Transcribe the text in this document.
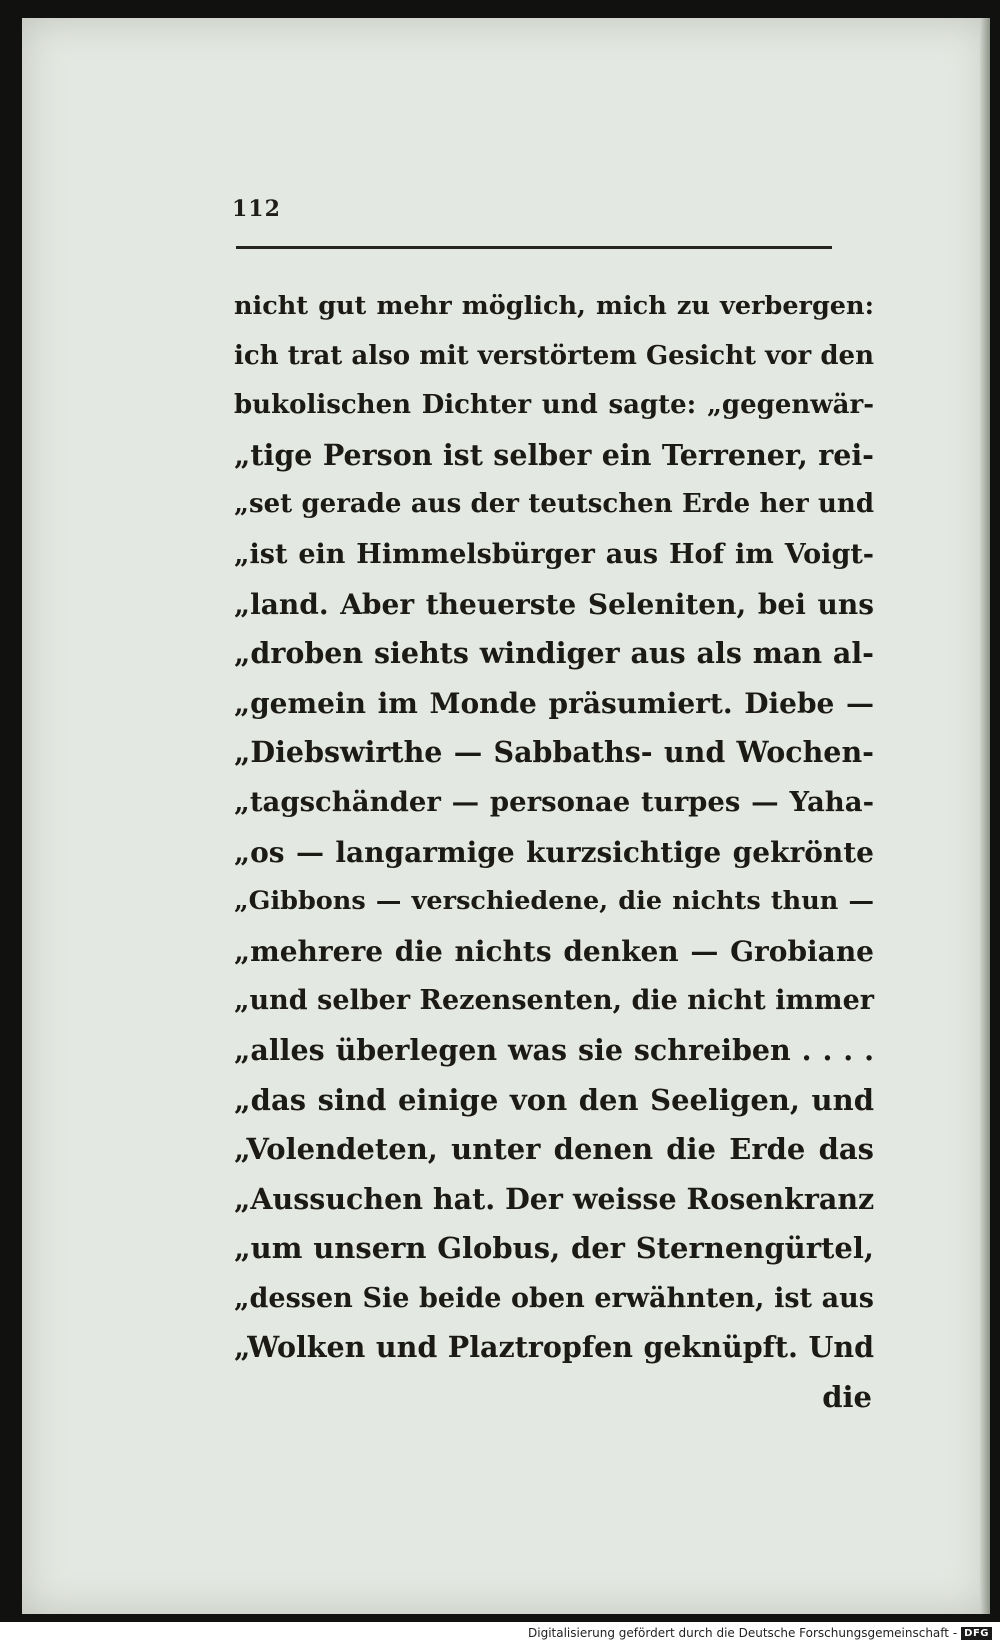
112
nicht gut mehr möglich, mich zu verbergen:
ich trat also mit verstörtem Gesicht vor den
bukolischen Dichter und sagte: „gegenwär-
„tige Person ist selber ein Terrener, rei-
„set gerade aus der teutschen Erde her und
„ist ein Himmelsbürger aus Hof im Voigt-
„land. Aber theuerste Seleniten, bei uns
„droben siehts windiger aus als man al-
„gemein im Monde präsumiert. Diebe —
„Diebswirthe — Sabbaths- und Wochen-
„tagschänder — personae turpes — Yaha-
„os — langarmige kurzsichtige gekrönte
„Gibbons — verschiedene, die nichts thun —
„mehrere die nichts denken — Grobiane
„und selber Rezensenten, die nicht immer
„alles überlegen was sie schreiben . . . .
„das sind einige von den Seeligen, und
„Volendeten, unter denen die Erde das
„Aussuchen hat. Der weisse Rosenkranz
„um unsern Globus, der Sternengürtel,
„dessen Sie beide oben erwähnten, ist aus
„Wolken und Plaztropfen geknüpft. Und
die
Digitalisierung gefördert durch die Deutsche Forschungsgemeinschaft - DFG
